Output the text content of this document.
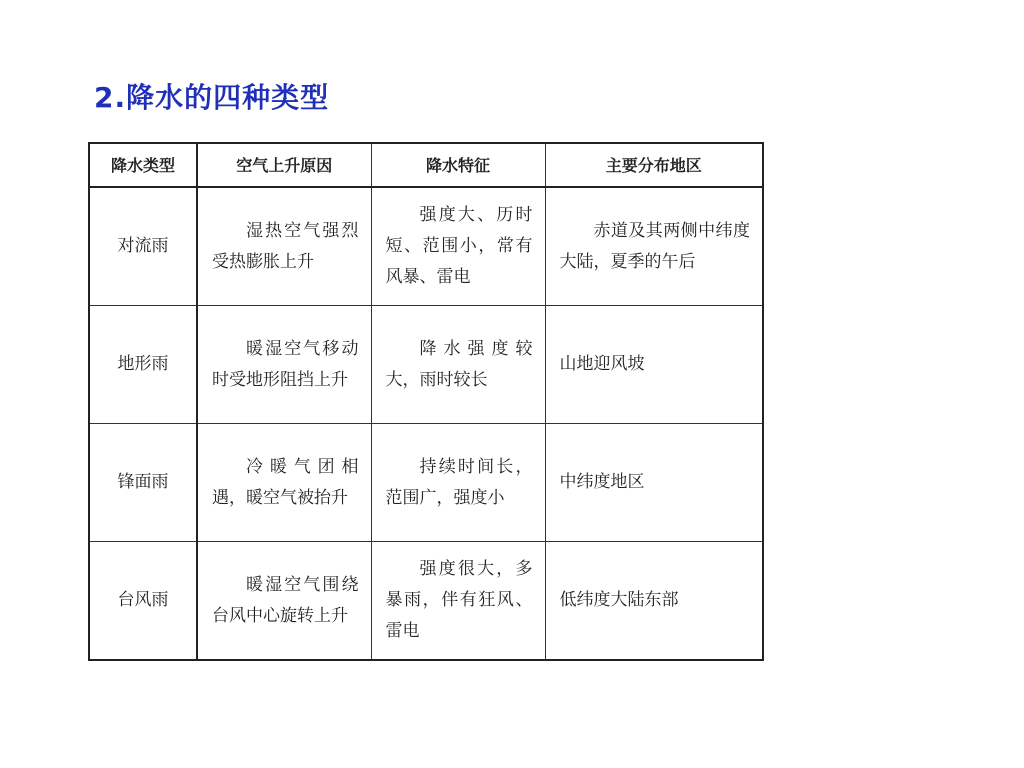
2.降水的四种类型
降水类型	空气上升原因	降水特征	主要分布地区
对流雨	湿热空气强烈受热膨胀上升	强度大、历时短、范围小，常有风暴、雷电	赤道及其两侧中纬度大陆，夏季的午后
地形雨	暖湿空气移动时受地形阻挡上升	降水强度较大，雨时较长	山地迎风坡
锋面雨	冷暖气团相遇，暖空气被抬升	持续时间长，范围广，强度小	中纬度地区
台风雨	暖湿空气围绕台风中心旋转上升	强度很大，多暴雨，伴有狂风、雷电	低纬度大陆东部
